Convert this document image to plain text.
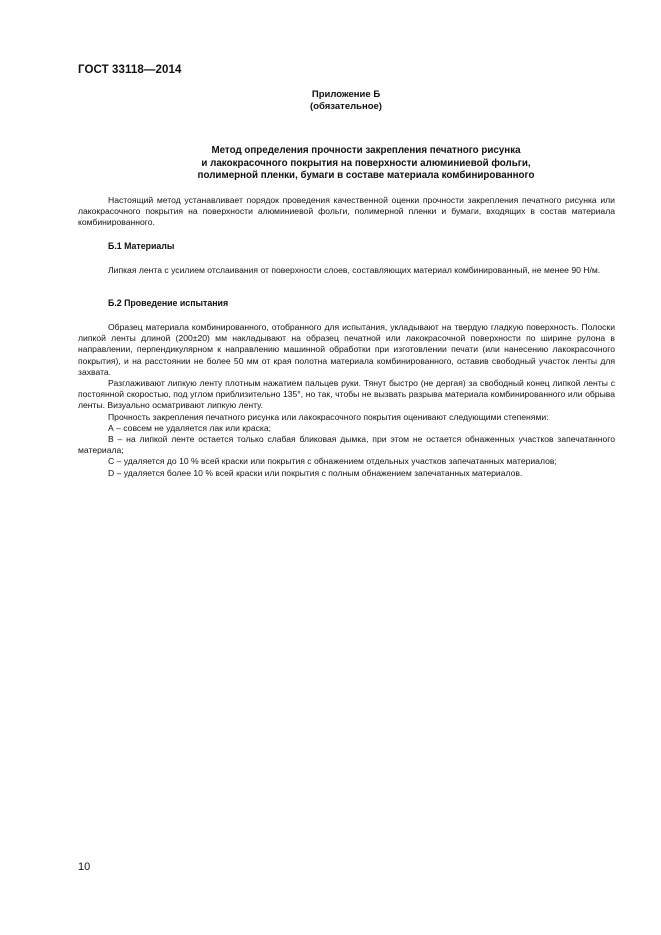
ГОСТ 33118—2014
Приложение Б
(обязательное)
Метод определения прочности закрепления печатного рисунка
и лакокрасочного покрытия на поверхности алюминиевой фольги,
полимерной пленки, бумаги в составе материала комбинированного

Настоящий метод устанавливает порядок проведения качественной оценки прочности закрепления печатного рисунка или лакокрасочного покрытия на поверхности алюминиевой фольги, полимерной пленки и бумаги, входящих в состав материала комбинированного.

Б.1 Материалы

Липкая лента с усилием отслаивания от поверхности слоев, составляющих материал комбинированный, не менее 90 Н/м.

Б.2 Проведение испытания

Образец материала комбинированного, отобранного для испытания, укладывают на твердую гладкую поверхность. Полоски липкой ленты длиной (200±20) мм накладывают на образец печатной или лакокрасочной поверхности по ширине рулона в направлении, перпендикулярном к направлению машинной обработки при изготовлении печати (или нанесению лакокрасочного покрытия), и на расстоянии не более 50 мм от края полотна материала комбинированного, оставив свободный участок ленты для захвата.

Разглаживают липкую ленту плотным нажатием пальцев руки. Тянут быстро (не дергая) за свободный конец липкой ленты с постоянной скоростью, под углом приблизительно 135°, но так, чтобы не вызвать разрыва материала комбинированного или обрыва ленты. Визуально осматривают липкую ленту.

Прочность закрепления печатного рисунка или лакокрасочного покрытия оценивают следующими степенями:

А – совсем не удаляется лак или краска;

В – на липкой ленте остается только слабая бликовая дымка, при этом не остается обнаженных участков запечатанного материала;

С – удаляется до 10 % всей краски или покрытия с обнажением отдельных участков запечатанных материалов;

D – удаляется более 10 % всей краски или покрытия с полным обнажением запечатанных материалов.

10
